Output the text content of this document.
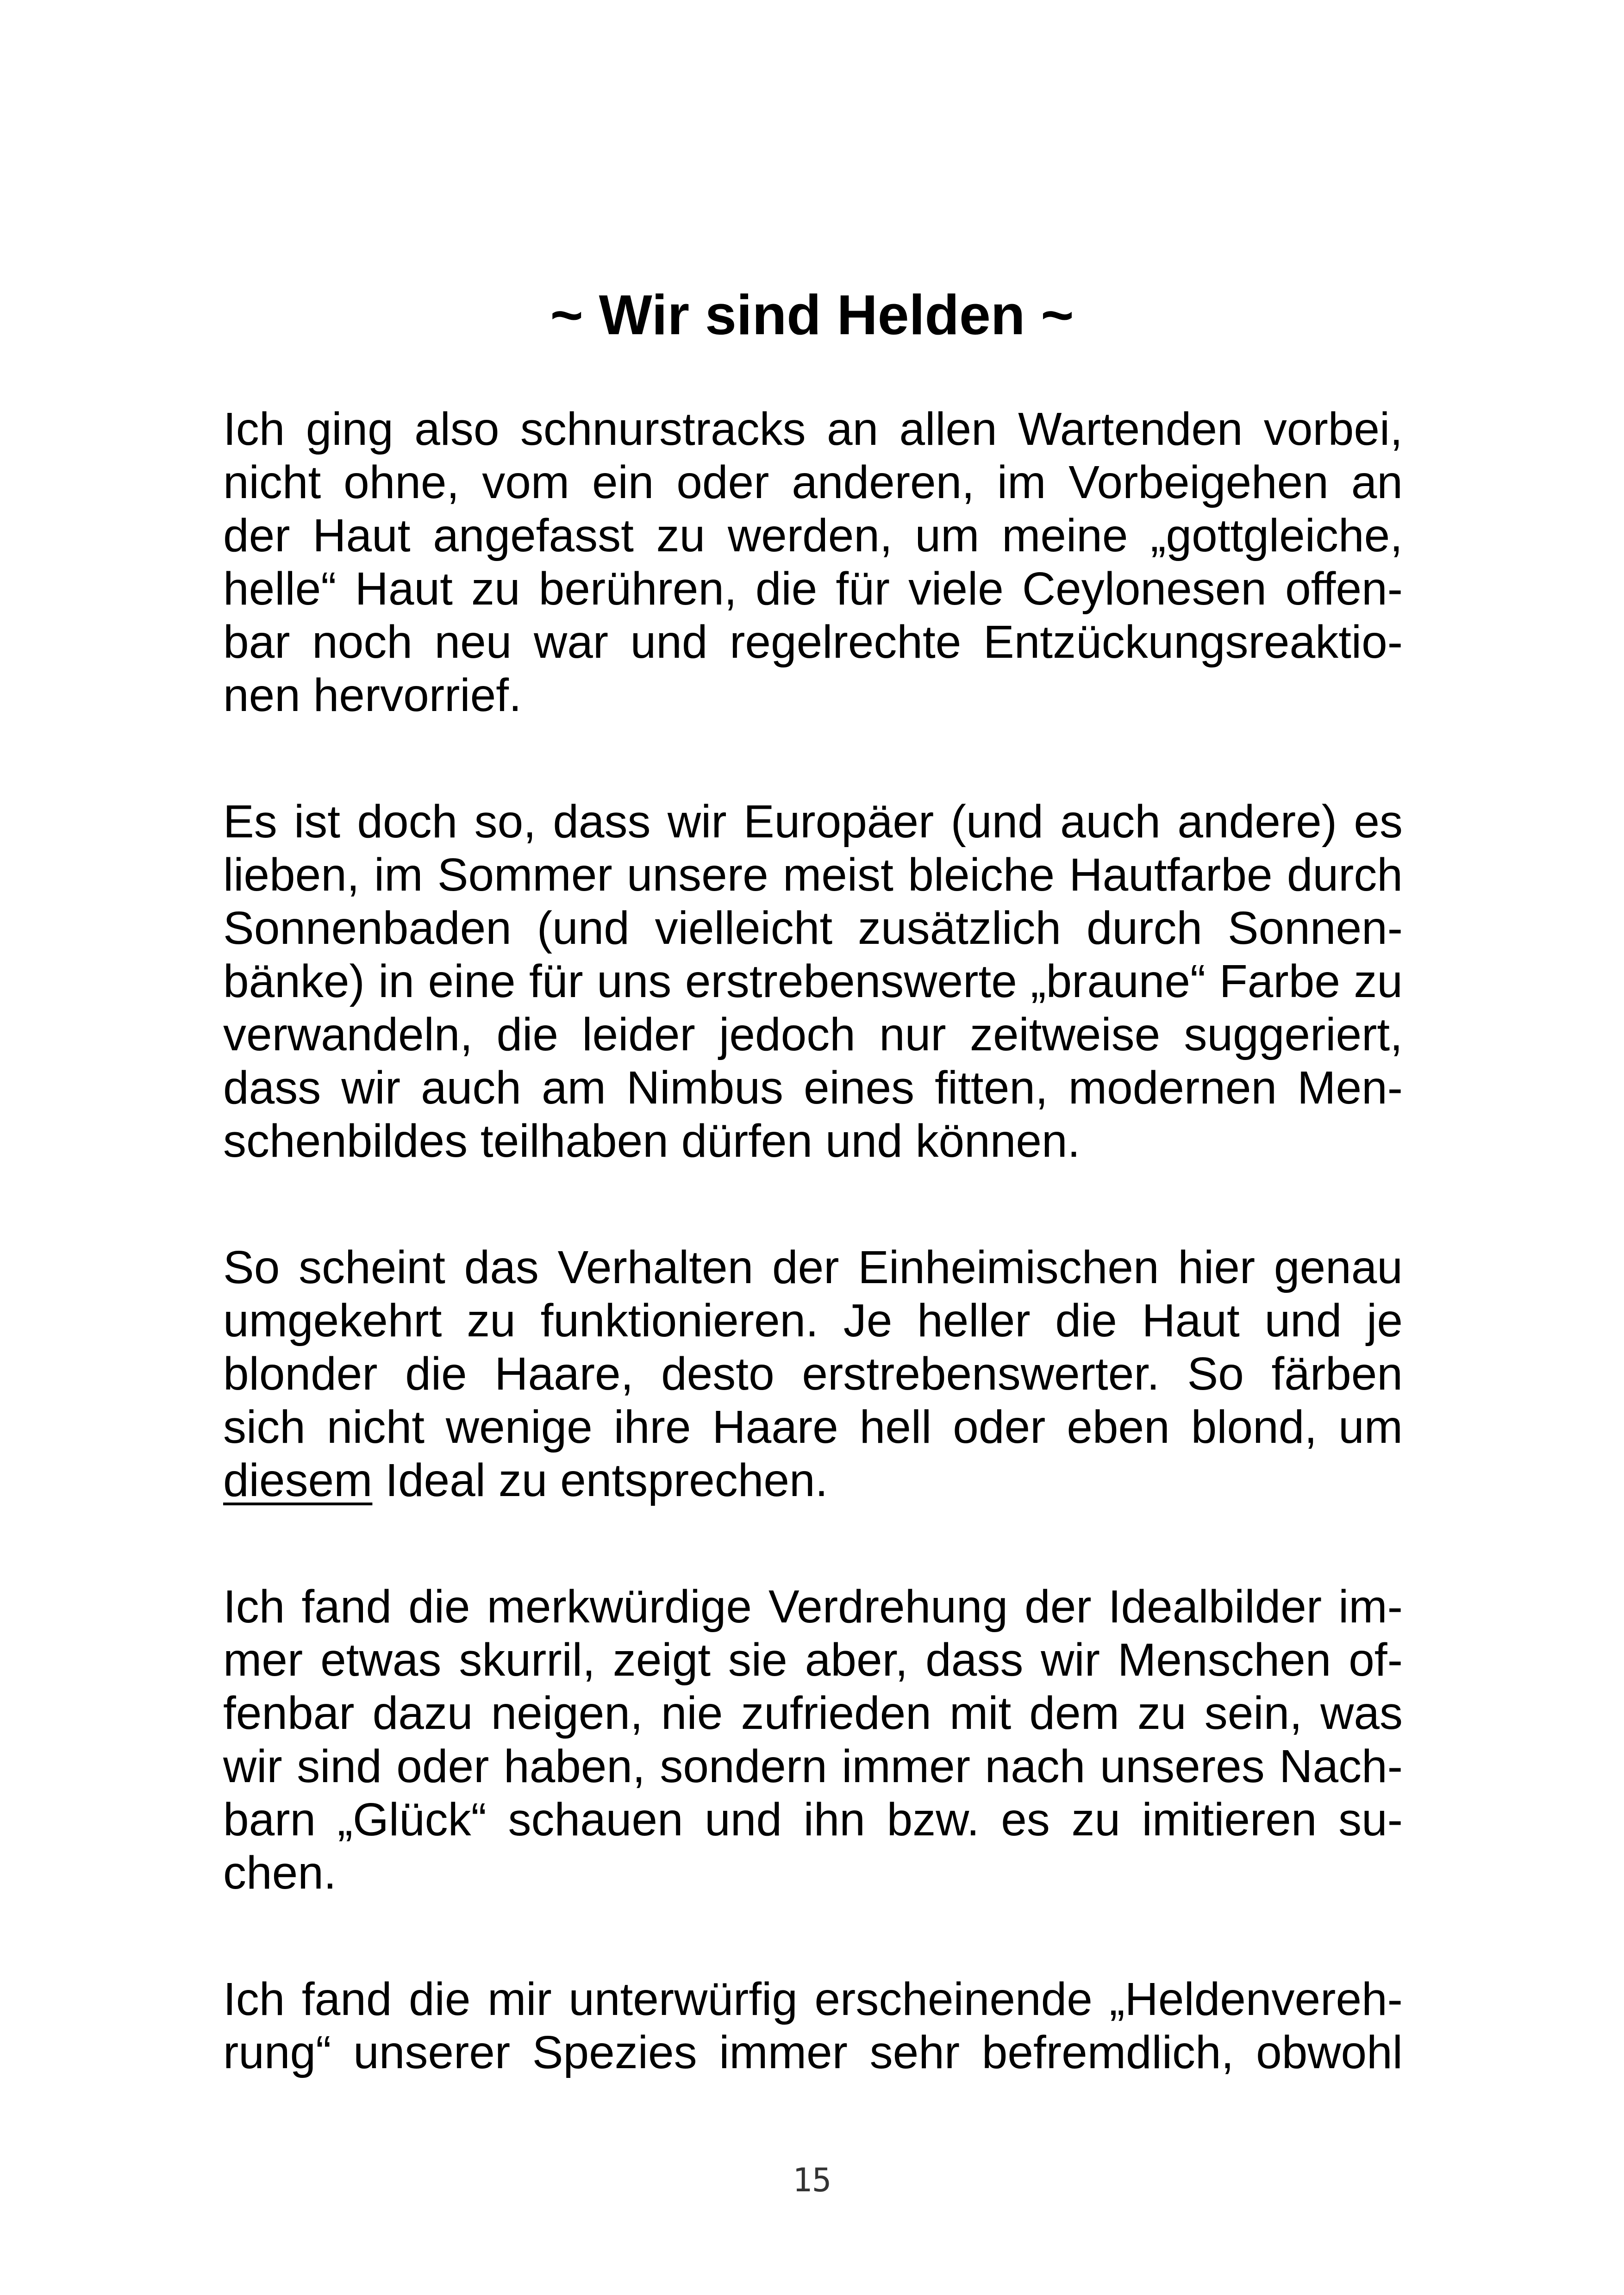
~ Wir sind Helden ~
Ich ging also schnurstracks an allen Wartenden vorbei,
nicht ohne, vom ein oder anderen, im Vorbeigehen an
der Haut angefasst zu werden, um meine „gottgleiche,
helle“ Haut zu berühren, die für viele Ceylonesen offen-
bar noch neu war und regelrechte Entzückungsreaktio-
nen hervorrief.
Es ist doch so, dass wir Europäer (und auch andere) es
lieben, im Sommer unsere meist bleiche Hautfarbe durch
Sonnenbaden (und vielleicht zusätzlich durch Sonnen-
bänke) in eine für uns erstrebenswerte „braune“ Farbe zu
verwandeln, die leider jedoch nur zeitweise suggeriert,
dass wir auch am Nimbus eines fitten, modernen Men-
schenbildes teilhaben dürfen und können.
So scheint das Verhalten der Einheimischen hier genau
umgekehrt zu funktionieren. Je heller die Haut und je
blonder die Haare, desto erstrebenswerter. So färben
sich nicht wenige ihre Haare hell oder eben blond, um
diesem Ideal zu entsprechen.
Ich fand die merkwürdige Verdrehung der Idealbilder im-
mer etwas skurril, zeigt sie aber, dass wir Menschen of-
fenbar dazu neigen, nie zufrieden mit dem zu sein, was
wir sind oder haben, sondern immer nach unseres Nach-
barn „Glück“ schauen und ihn bzw. es zu imitieren su-
chen.
Ich fand die mir unterwürfig erscheinende „Heldenvereh-
rung“ unserer Spezies immer sehr befremdlich, obwohl
15
